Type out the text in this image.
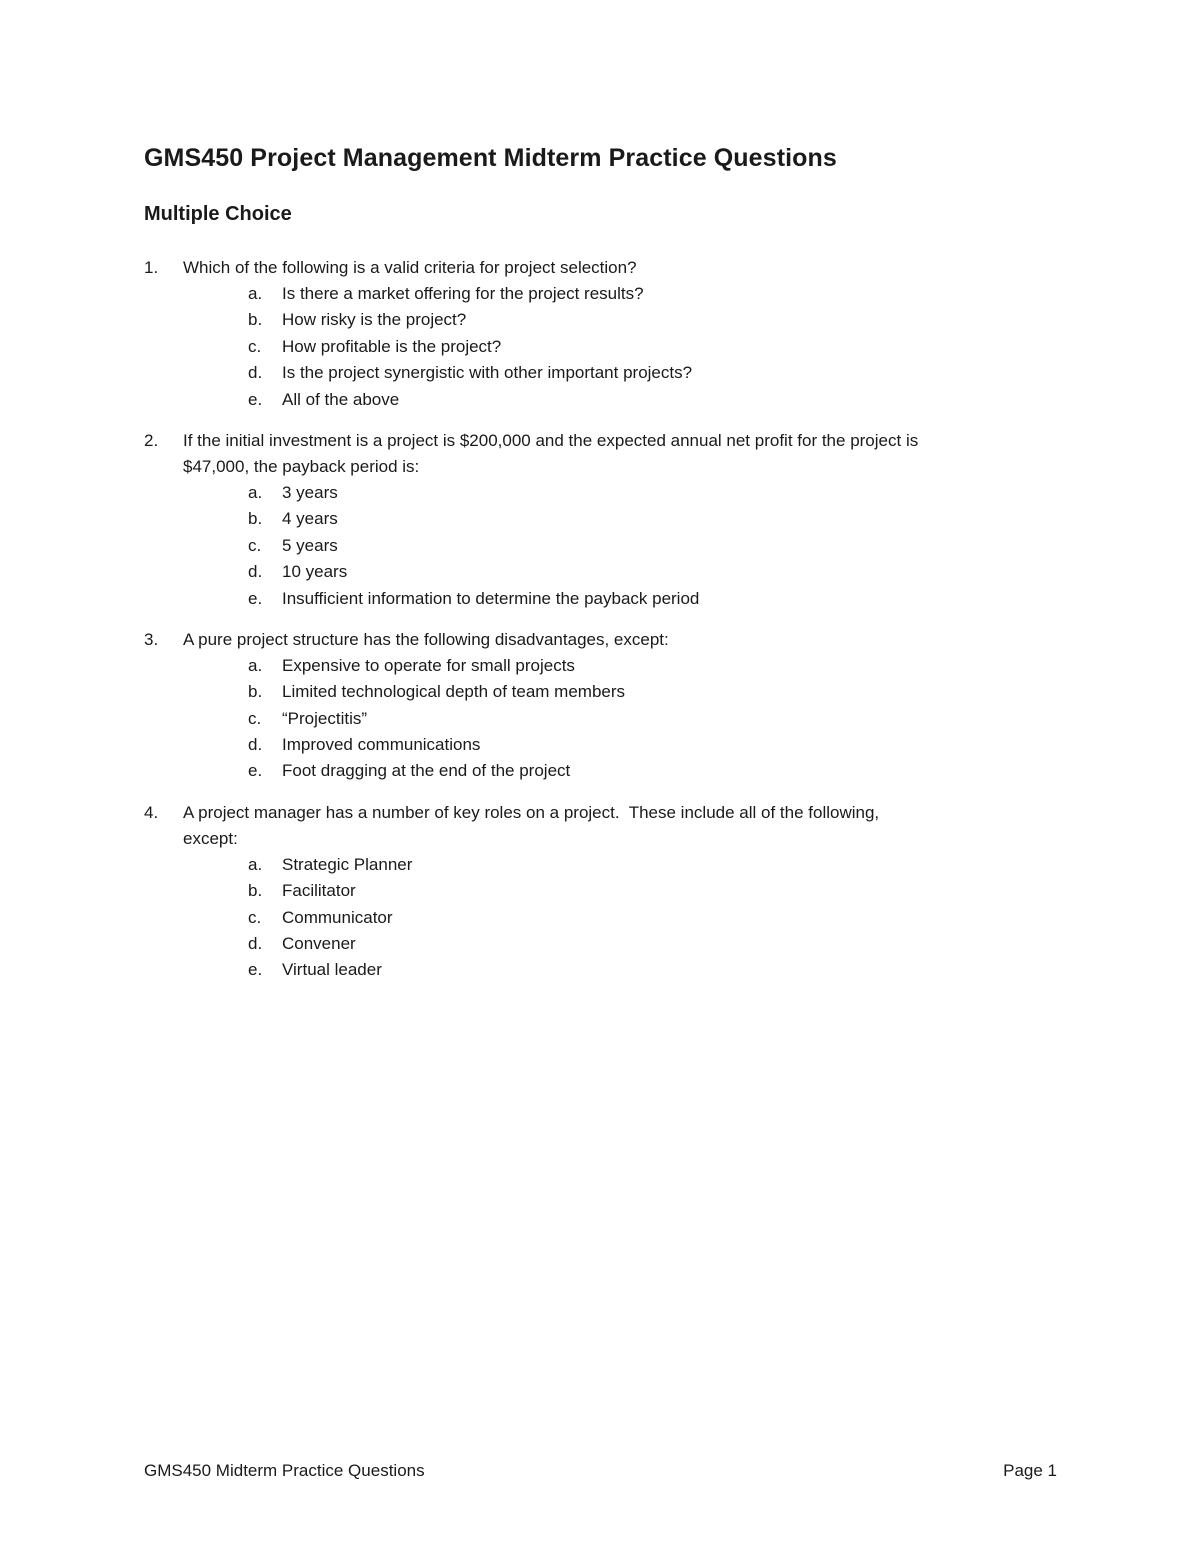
GMS450 Project Management Midterm Practice Questions
Multiple Choice
1. Which of the following is a valid criteria for project selection?
a. Is there a market offering for the project results?
b. How risky is the project?
c. How profitable is the project?
d. Is the project synergistic with other important projects?
e. All of the above
2. If the initial investment is a project is $200,000 and the expected annual net profit for the project is
$47,000, the payback period is:
a. 3 years
b. 4 years
c. 5 years
d. 10 years
e. Insufficient information to determine the payback period
3. A pure project structure has the following disadvantages, except:
a. Expensive to operate for small projects
b. Limited technological depth of team members
c. “Projectitis”
d. Improved communications
e. Foot dragging at the end of the project
4. A project manager has a number of key roles on a project.  These include all of the following,
except:
a. Strategic Planner
b. Facilitator
c. Communicator
d. Convener
e. Virtual leader
GMS450 Midterm Practice Questions	Page 1
